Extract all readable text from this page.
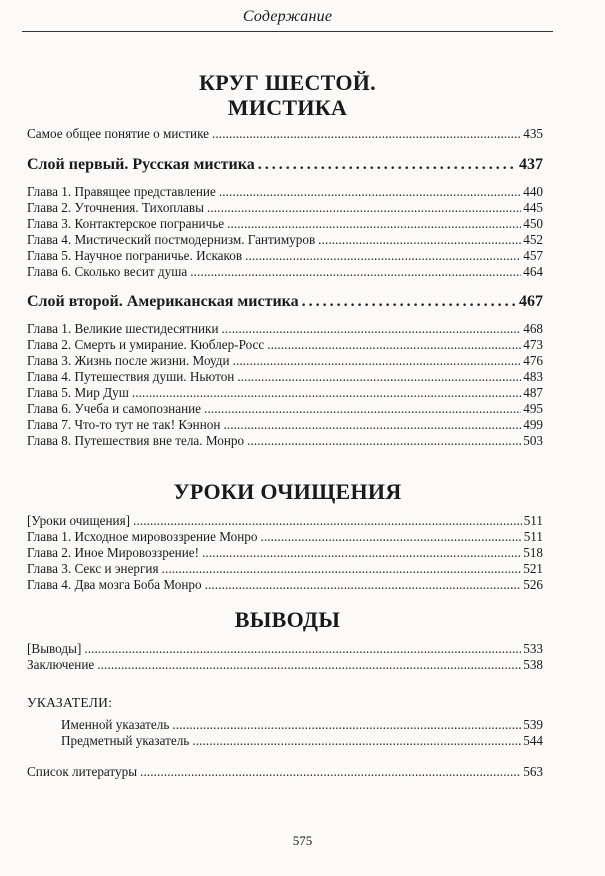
Содержание
КРУГ ШЕСТОЙ.
МИСТИКА
Самое общее понятие о мистике . . .	435
Слой первый. Русская мистика . . .	437
Глава 1. Правящее представление . . .	440
Глава 2. Уточнения. Тихоплавы . . .	445
Глава 3. Контактерское пограничье . . .	450
Глава 4. Мистический постмодернизм. Гантимуров . . .	452
Глава 5. Научное пограничье. Искаков . . .	457
Глава 6. Сколько весит душа . . .	464
Слой второй. Американская мистика . . .	467
Глава 1. Великие шестидесятники . . .	468
Глава 2. Смерть и умирание. Кюблер-Росс . . .	473
Глава 3. Жизнь после жизни. Моуди . . .	476
Глава 4. Путешествия души. Ньютон . . .	483
Глава 5. Мир Душ . . .	487
Глава 6. Учеба и самопознание . . .	495
Глава 7. Что-то тут не так! Кэннон . . .	499
Глава 8. Путешествия вне тела. Монро . . .	503
УРОКИ ОЧИЩЕНИЯ
[Уроки очищения] . . .	511
Глава 1. Исходное мировоззрение Монро . . .	511
Глава 2. Иное Мировоззрение! . . .	518
Глава 3. Секс и энергия . . .	521
Глава 4. Два мозга Боба Монро . . .	526
ВЫВОДЫ
[Выводы] . . .	533
Заключение . . .	538
УКАЗАТЕЛИ:
Именной указатель . . .	539
Предметный указатель . . .	544
Список литературы . . .	563
575
